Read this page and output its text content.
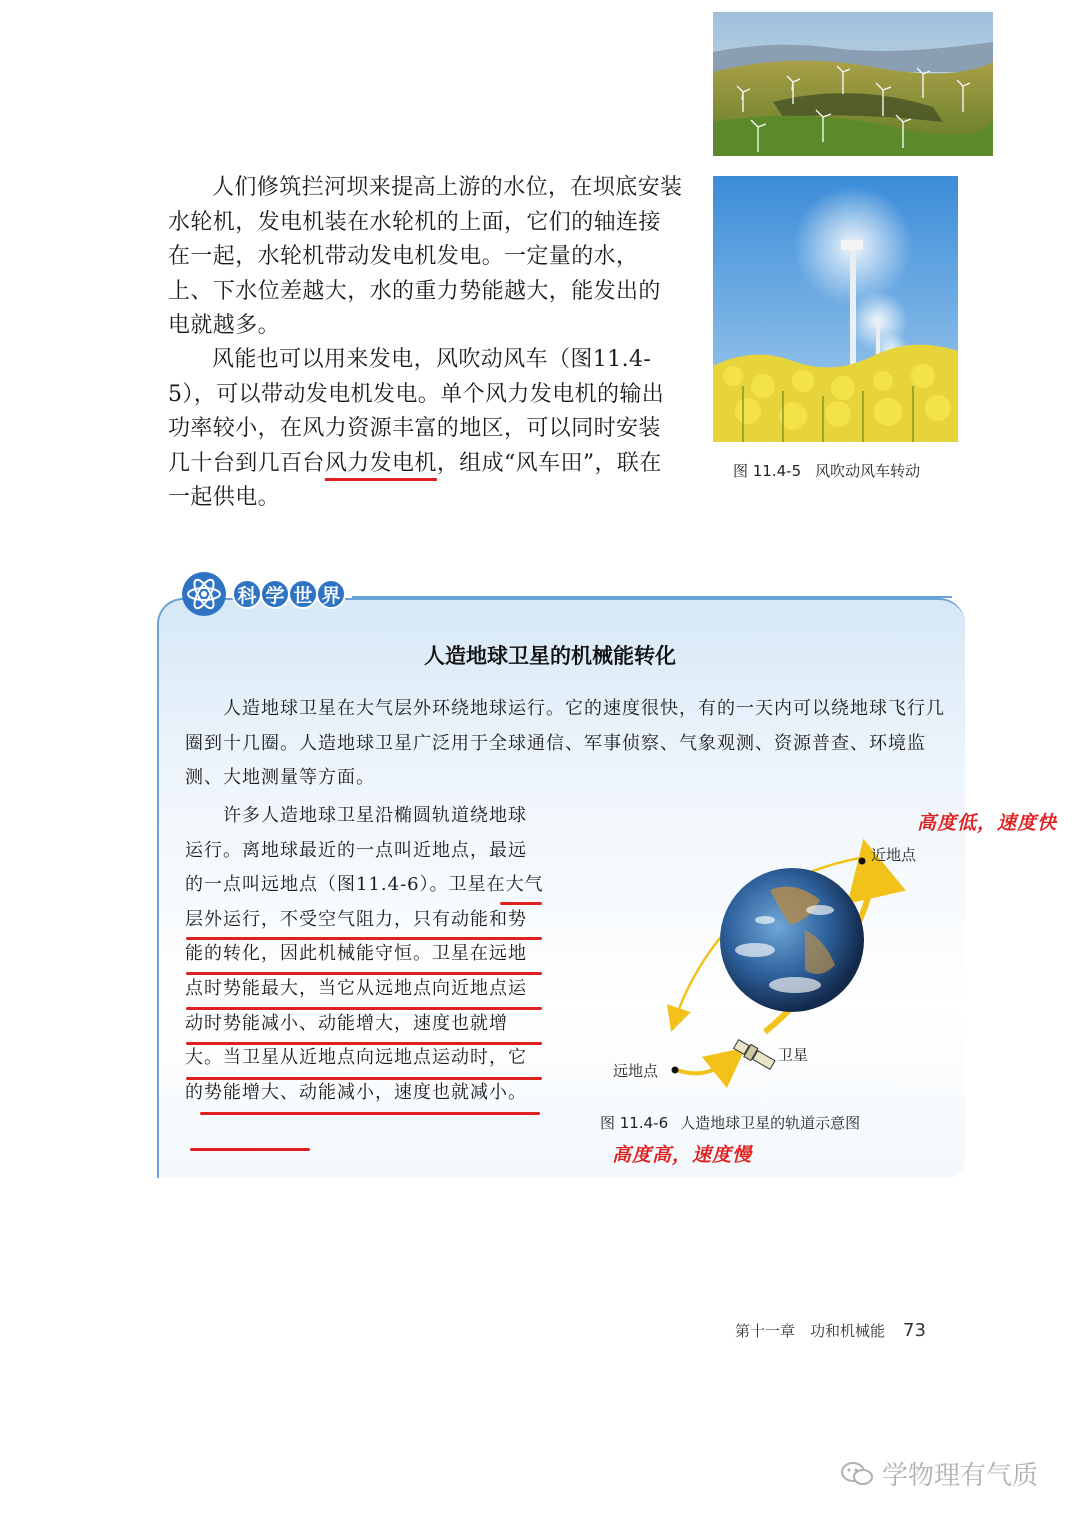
人们修筑拦河坝来提高上游的水位，在坝底安装水轮机，发电机装在水轮机的上面，它们的轴连接在一起，水轮机带动发电机发电。一定量的水，上、下水位差越大，水的重力势能越大，能发出的电就越多。

风能也可以用来发电，风吹动风车（图11.4-5），可以带动发电机发电。单个风力发电机的输出功率较小，在风力资源丰富的地区，可以同时安装几十台到几百台风力发电机，组成“风车田”，联在一起供电。

图 11.4-5 风吹动风车转动
科 学 世 界
人造地球卫星的机械能转化

人造地球卫星在大气层外环绕地球运行。它的速度很快，有的一天内可以绕地球飞行几圈到十几圈。人造地球卫星广泛用于全球通信、军事侦察、气象观测、资源普查、环境监测、大地测量等方面。

许多人造地球卫星沿椭圆轨道绕地球运行。离地球最近的一点叫近地点，最远的一点叫远地点（图11.4-6）。卫星在大气层外运行，不受空气阻力，只有动能和势能的转化，因此机械能守恒。卫星在远地点时势能最大，当它从远地点向近地点运动时势能减小、动能增大，速度也就增大。当卫星从近地点向远地点运动时，它的势能增大、动能减小，速度也就减小。

近地点
远地点
卫星
图 11.4-6 人造地球卫星的轨道示意图
高度低，速度快
高度高，速度慢
第十一章　功和机械能 73
学物理有气质
